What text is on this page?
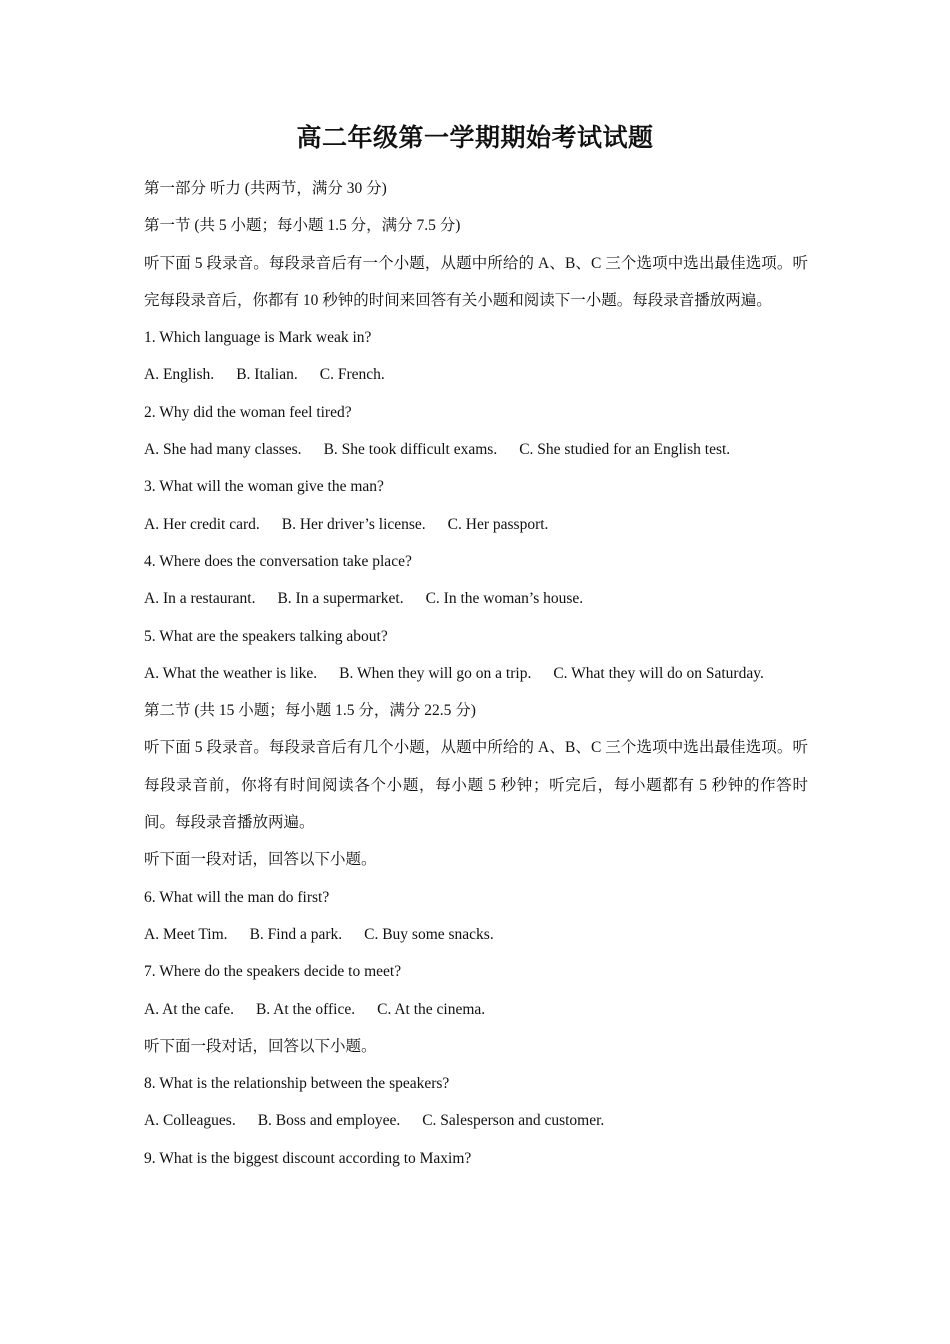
高二年级第一学期期始考试试题
第一部分 听力 (共两节，满分 30 分)
第一节 (共 5 小题；每小题 1.5 分，满分 7.5 分)
听下面 5 段录音。每段录音后有一个小题，从题中所给的 A、B、C 三个选项中选出最佳选项。听完每段录音后，你都有 10 秒钟的时间来回答有关小题和阅读下一小题。每段录音播放两遍。
1. Which language is Mark weak in?
A. English. B. Italian. C. French.
2. Why did the woman feel tired?
A. She had many classes. B. She took difficult exams. C. She studied for an English test.
3. What will the woman give the man?
A. Her credit card. B. Her driver’s license. C. Her passport.
4. Where does the conversation take place?
A. In a restaurant. B. In a supermarket. C. In the woman’s house.
5. What are the speakers talking about?
A. What the weather is like. B. When they will go on a trip. C. What they will do on Saturday.
第二节 (共 15 小题；每小题 1.5 分，满分 22.5 分)
听下面 5 段录音。每段录音后有几个小题，从题中所给的 A、B、C 三个选项中选出最佳选项。听每段录音前，你将有时间阅读各个小题，每小题 5 秒钟；听完后，每小题都有 5 秒钟的作答时间。每段录音播放两遍。
听下面一段对话，回答以下小题。
6. What will the man do first?
A. Meet Tim. B. Find a park. C. Buy some snacks.
7. Where do the speakers decide to meet?
A. At the cafe. B. At the office. C. At the cinema.
听下面一段对话，回答以下小题。
8. What is the relationship between the speakers?
A. Colleagues. B. Boss and employee. C. Salesperson and customer.
9. What is the biggest discount according to Maxim?
